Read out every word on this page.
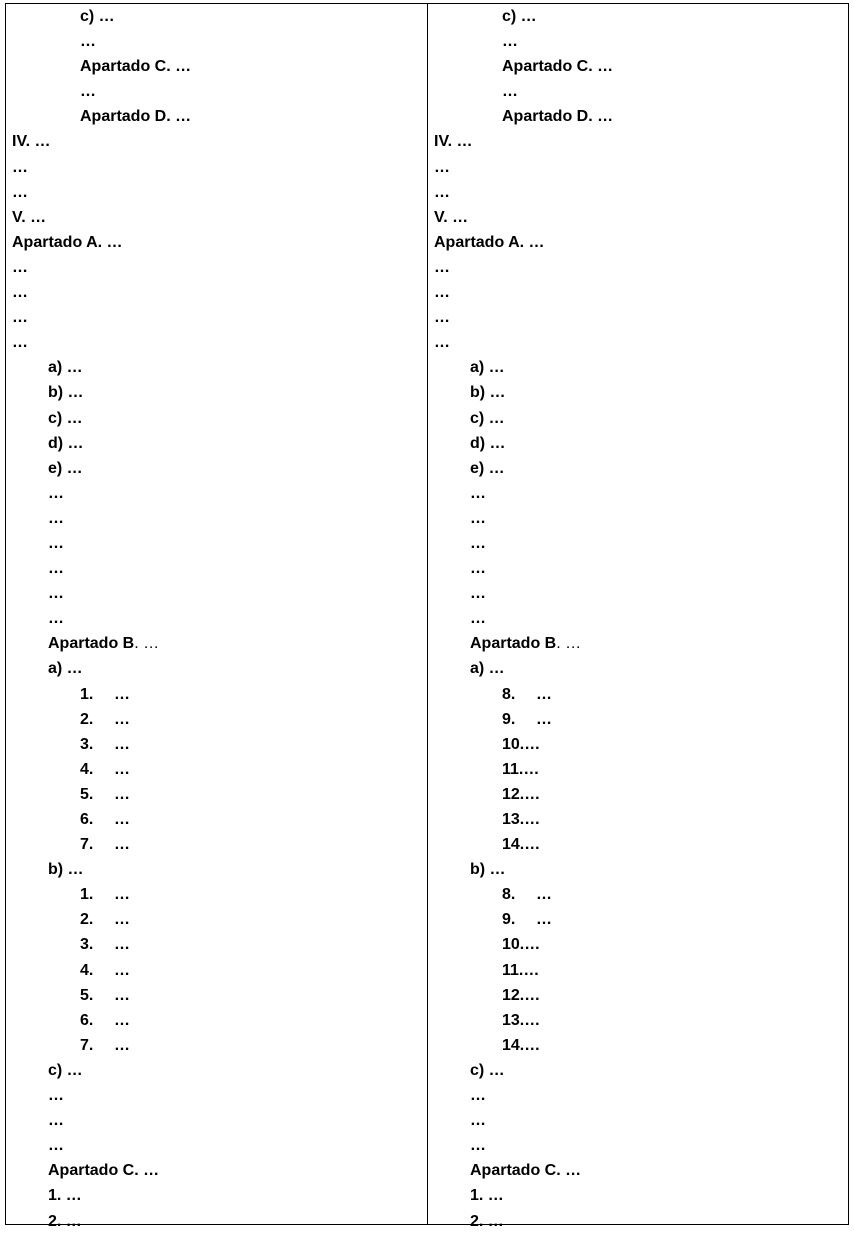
c) …
…
Apartado C. …
…
Apartado D. …
IV. …
…
…
V. …
Apartado A. …
…
…
…
…
a) …
b) …
c) …
d) …
e) …
…
…
…
…
…
…
Apartado B. …
a) …
1. …
2. …
3. …
4. …
5. …
6. …
7. …
b) …
1. …
2. …
3. …
4. …
5. …
6. …
7. …
c) …
…
…
…
Apartado C. …
1. …
2. …
c) …
…
Apartado C. …
…
Apartado D. …
IV. …
…
…
V. …
Apartado A. …
…
…
…
…
a) …
b) …
c) …
d) …
e) …
…
…
…
…
…
…
Apartado B. …
a) …
8. …
9. …
10.…
11.…
12.…
13.…
14.…
b) …
8. …
9. …
10.…
11.…
12.…
13.…
14.…
c) …
…
…
…
Apartado C. …
1. …
2. …
